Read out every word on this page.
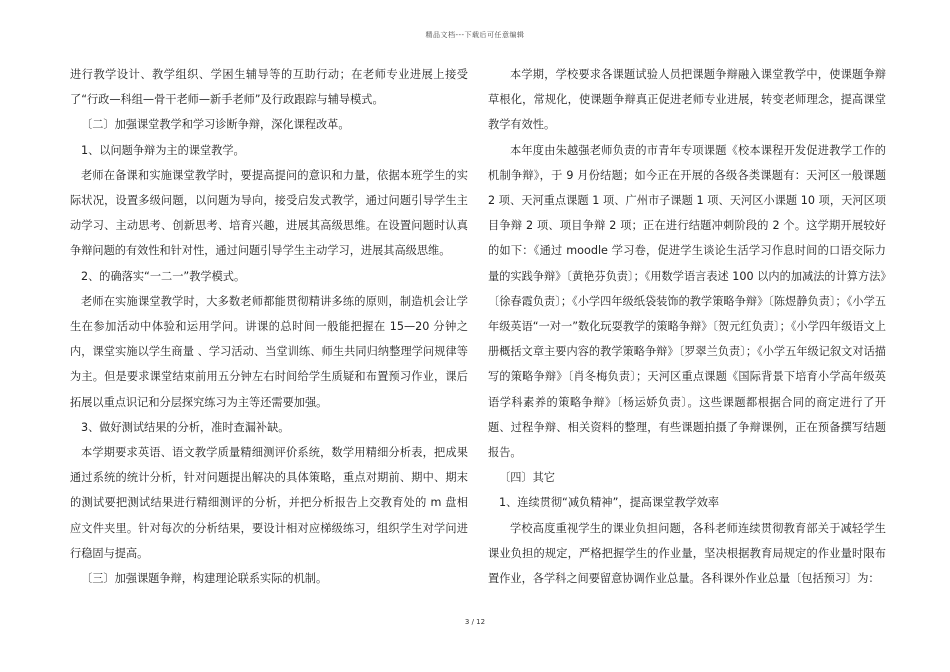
精品文档---下载后可任意编辑

进行教学设计、教学组织、学困生辅导等的互助行动；在老师专业进展上接受了“行政—科组—骨干老师—新手老师”及行政跟踪与辅导模式。

〔二〕加强课堂教学和学习诊断争辩，深化课程改革。

1、以问题争辩为主的课堂教学。

老师在备课和实施课堂教学时，要提高提问的意识和力量，依据本班学生的实际状况，设置多级问题，以问题为导向，接受启发式教学，通过问题引导学生主动学习、主动思考、创新思考、培育兴趣，进展其高级思维。在设置问题时认真争辩问题的有效性和针对性，通过问题引导学生主动学习，进展其高级思维。

2、的确落实“一二一”教学模式。

老师在实施课堂教学时，大多数老师都能贯彻精讲多练的原则，制造机会让学生在参加活动中体验和运用学问。讲课的总时间一般能把握在 15—20 分钟之内，课堂实施以学生商量 、学习活动、当堂训练、师生共同归纳整理学问规律等为主。但是要求课堂结束前用五分钟左右时间给学生质疑和布置预习作业，课后拓展以重点识记和分层探究练习为主等还需要加强。

3、做好测试结果的分析，准时查漏补缺。

本学期要求英语、语文教学质量精细测评价系统，数学用精细分析表，把成果通过系统的统计分析，针对问题提出解决的具体策略，重点对期前、期中、期末的测试要把测试结果进行精细测评的分析，并把分析报告上交教育处的 m 盘相应文件夹里。针对每次的分析结果，要设计相对应梯级练习，组织学生对学问进行稳固与提高。

〔三〕加强课题争辩，构建理论联系实际的机制。

本学期，学校要求各课题试验人员把课题争辩融入课堂教学中，使课题争辩草根化，常规化，使课题争辩真正促进老师专业进展，转变老师理念，提高课堂教学有效性。

本年度由朱越强老师负责的市青年专项课题《校本课程开发促进教学工作的机制争辩》，于 9 月份结题；如今正在开展的各级各类课题有：天河区一般课题 2 项、天河重点课题 1 项、广州市子课题 1 项、天河区小课题 10 项，天河区项目争辩 2 项、项目争辩 2 项；正在进行结题冲刺阶段的 2 个。这学期开展较好的如下：《通过 moodle 学习卷，促进学生谈论生活学习作息时间的口语交际力量的实践争辩》〔黄艳芬负责〕；《用数学语言表述 100 以内的加减法的计算方法》〔徐春霞负责〕；《小学四年级纸袋装饰的教学策略争辩》〔陈煜静负责〕；《小学五年级英语“一对一”数化玩耍教学的策略争辩》〔贺元红负责〕；《小学四年级语文上册概括文章主要内容的教学策略争辩》〔罗翠兰负责〕；《小学五年级记叙文对话描写的策略争辩》〔肖冬梅负责〕；天河区重点课题《国际背景下培育小学高年级英语学科素养的策略争辩》〔杨运娇负责〕。这些课题都根据合同的商定进行了开题、过程争辩、相关资料的整理，有些课题拍摄了争辩课例，正在预备撰写结题报告。

〔四〕其它

1、连续贯彻“减负精神”，提高课堂教学效率

学校高度重视学生的课业负担问题，各科老师连续贯彻教育部关于减轻学生课业负担的规定，严格把握学生的作业量，坚决根据教育局规定的作业量时限布置作业，各学科之间要留意协调作业总量。各科课外作业总量〔包括预习〕为：

3 / 12
